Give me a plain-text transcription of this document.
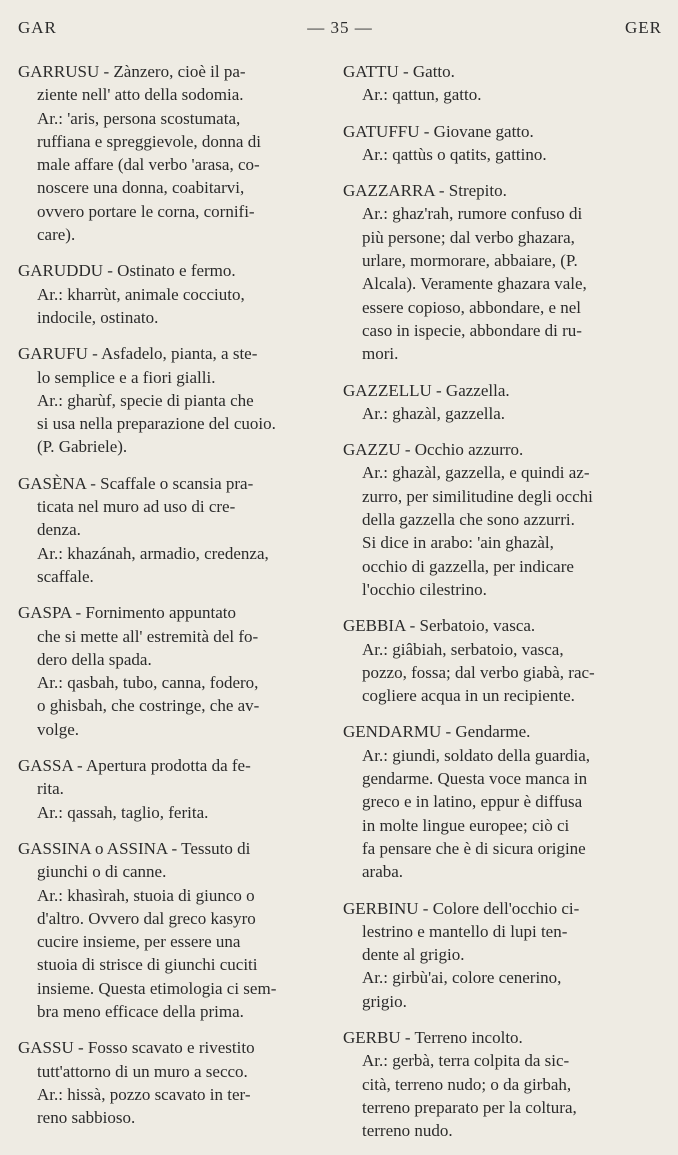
GAR	— 35 —	GER

GARRUSU - Zànzero, cioè il pa-

ziente nell' atto della sodomia.

Ar.: 'aris, persona scostumata,

ruffiana e spreggievole, donna di

male affare (dal verbo 'arasa, co-

noscere una donna, coabitarvi,

ovvero portare le corna, cornifi-

care).

GARUDDU - Ostinato e fermo.

Ar.: kharrùt, animale cocciuto,

indocile, ostinato.

GARUFU - Asfadelo, pianta, a ste-

lo semplice e a fiori gialli.

Ar.: gharùf, specie di pianta che

si usa nella preparazione del cuoio.

(P. Gabriele).

GASÈNA - Scaffale o scansia pra-

ticata nel muro ad uso di cre-

denza.

Ar.: khazánah, armadio, credenza,

scaffale.

GASPA - Fornimento appuntato

che si mette all' estremità del fo-

dero della spada.

Ar.: qasbah, tubo, canna, fodero,

o ghisbah, che costringe, che av-

volge.

GASSA - Apertura prodotta da fe-

rita.

Ar.: qassah, taglio, ferita.

GASSINA o ASSINA - Tessuto di

giunchi o di canne.

Ar.: khasìrah, stuoia di giunco o

d'altro. Ovvero dal greco kasyro

cucire insieme, per essere una

stuoia di strisce di giunchi cuciti

insieme. Questa etimologia ci sem-

bra meno efficace della prima.

GASSU - Fosso scavato e rivestito

tutt'attorno di un muro a secco.

Ar.: hissà, pozzo scavato in ter-

reno sabbioso.

GATTU - Gatto.

Ar.: qattun, gatto.

GATUFFU - Giovane gatto.

Ar.: qattùs o qatits, gattino.

GAZZARRA - Strepito.

Ar.: ghaz'rah, rumore confuso di

più persone; dal verbo ghazara,

urlare, mormorare, abbaiare, (P.

Alcala). Veramente ghazara vale,

essere copioso, abbondare, e nel

caso in ispecie, abbondare di ru-

mori.

GAZZELLU - Gazzella.

Ar.: ghazàl, gazzella.

GAZZU - Occhio azzurro.

Ar.: ghazàl, gazzella, e quindi az-

zurro, per similitudine degli occhi

della gazzella che sono azzurri.

Si dice in arabo: 'ain ghazàl,

occhio di gazzella, per indicare

l'occhio cilestrino.

GEBBIA - Serbatoio, vasca.

Ar.: giâbiah, serbatoio, vasca,

pozzo, fossa; dal verbo giabà, rac-

cogliere acqua in un recipiente.

GENDARMU - Gendarme.

Ar.: giundi, soldato della guardia,

gendarme. Questa voce manca in

greco e in latino, eppur è diffusa

in molte lingue europee; ciò ci

fa pensare che è di sicura origine

araba.

GERBINU - Colore dell'occhio ci-

lestrino e mantello di lupi ten-

dente al grigio.

Ar.: girbù'ai, colore cenerino,

grigio.

GERBU - Terreno incolto.

Ar.: gerbà, terra colpita da sic-

cità, terreno nudo; o da girbah,

terreno preparato per la coltura,

terreno nudo.
